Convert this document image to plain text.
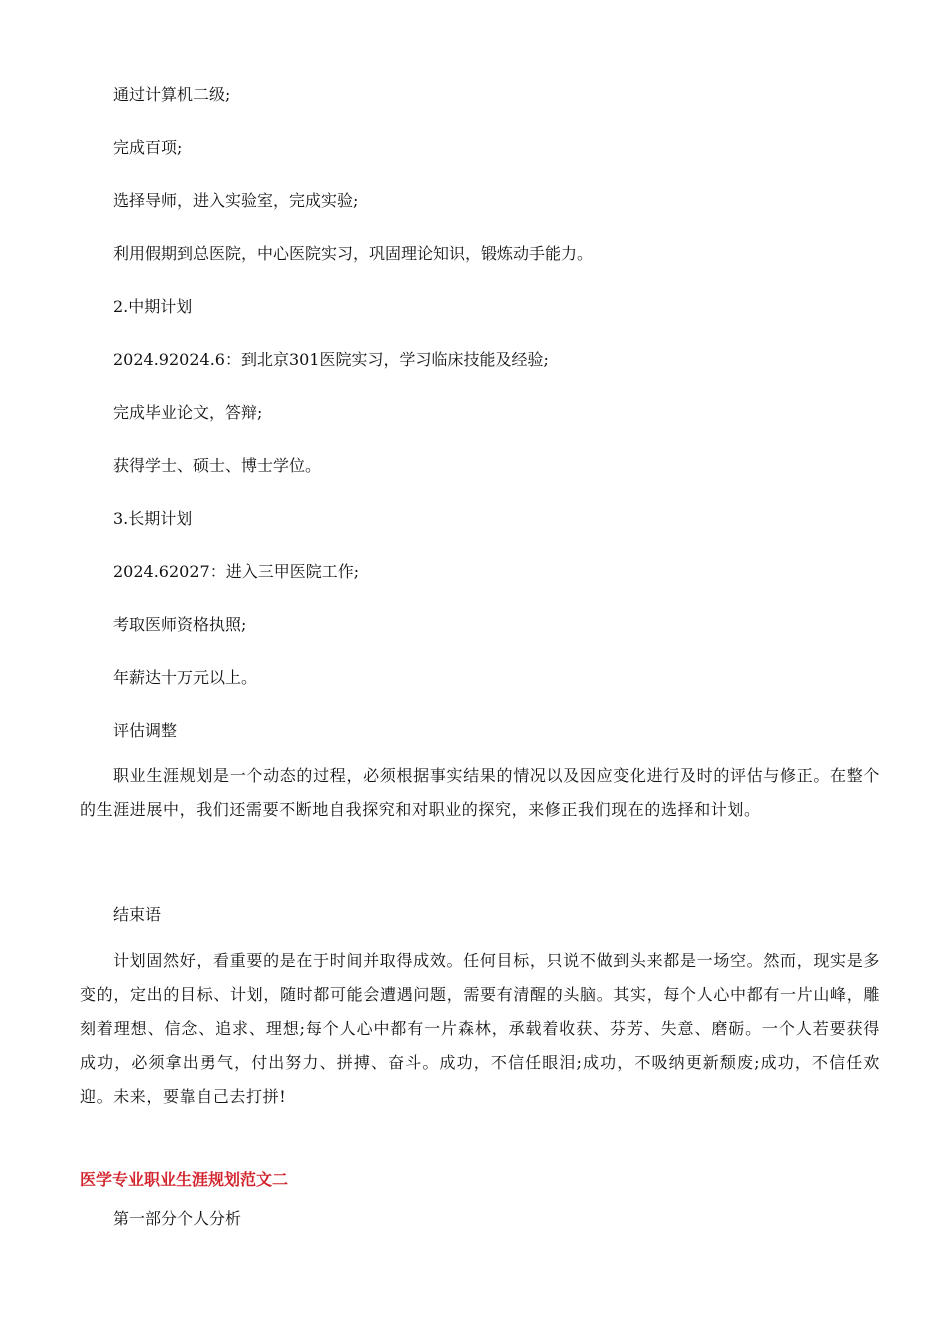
通过计算机二级;
完成百项;
选择导师，进入实验室，完成实验;
利用假期到总医院，中心医院实习，巩固理论知识，锻炼动手能力。
2.中期计划
2024.92024.6：到北京301医院实习，学习临床技能及经验;
完成毕业论文，答辩;
获得学士、硕士、博士学位。
3.长期计划
2024.62027：进入三甲医院工作;
考取医师资格执照;
年薪达十万元以上。
评估调整
职业生涯规划是一个动态的过程，必须根据事实结果的情况以及因应变化进行及时的评估与修正。在整个的生涯进展中，我们还需要不断地自我探究和对职业的探究，来修正我们现在的选择和计划。
结束语
计划固然好，看重要的是在于时间并取得成效。任何目标，只说不做到头来都是一场空。然而，现实是多变的，定出的目标、计划，随时都可能会遭遇问题，需要有清醒的头脑。其实，每个人心中都有一片山峰，雕刻着理想、信念、追求、理想;每个人心中都有一片森林，承载着收获、芬芳、失意、磨砺。一个人若要获得成功，必须拿出勇气，付出努力、拼搏、奋斗。成功，不信任眼泪;成功，不吸纳更新颓废;成功，不信任欢迎。未来，要靠自己去打拼!
医学专业职业生涯规划范文二
第一部分个人分析
